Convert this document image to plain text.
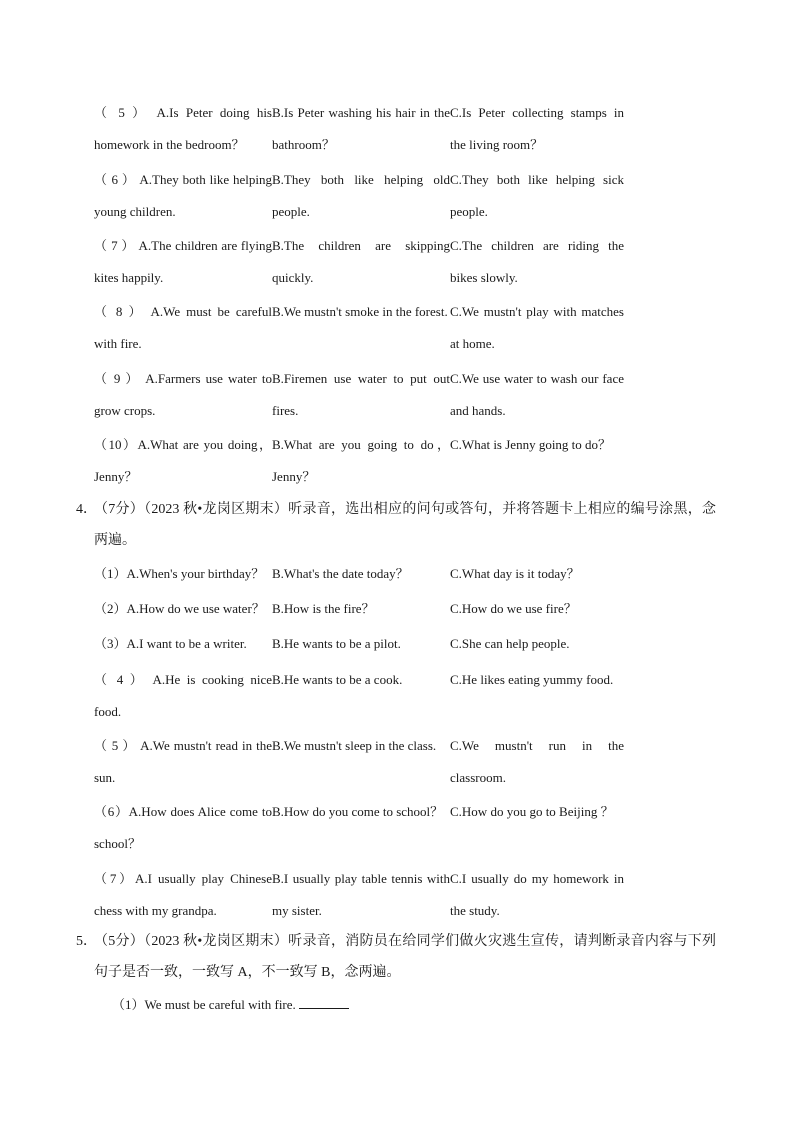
（ 5 ） A.Is Peter doing his homework in the bedroom？
B.Is Peter washing his hair in the bathroom？
C.Is Peter collecting stamps in the living room？
（ 6 ） A.They both like helping young children.
B.They both like helping old people.
C.They both like helping sick people.
（ 7 ） A.The children are flying kites happily.
B.The children are skipping quickly.
C.The children are riding the bikes slowly.
（ 8 ） A.We must be careful with fire.
B.We mustn't smoke in the forest. C.We mustn't play with matches at home.
（ 9 ） A.Farmers use water to grow crops.
B.Firemen use water to put out fires.
C.We use water to wash our face and hands.
（10）A.What are you doing，Jenny？
B.What are you going to do，Jenny？
C.What is Jenny going to do？
4．
（7分）（2023 秋•龙岗区期末）听录音，选出相应的问句或答句，并将答题卡上相应的编号涂黑，念两遍。
（1）A.When's your birthday？ B.What's the date today？	C.What day is it today？
（2）A.How do we use water？ B.How is the fire？	C.How do we use fire？
（3）A.I want to be a writer.	B.He wants to be a pilot.	C.She can help people.
（ 4 ） A.He is cooking nice food.
B.He wants to be a cook.	C.He likes eating yummy food.
（ 5 ） A.We mustn't read in the sun.
B.We mustn't sleep in the class.	C.We mustn't run in the classroom.
（6）A.How does Alice come to school？
B.How do you come to school？ C.How do you go to Beijing ？
（7）A.I usually play Chinese chess with my grandpa.
B.I usually play table tennis with my sister.
C.I usually do my homework in the study.
5．
（5分）（2023 秋•龙岗区期末）听录音，消防员在给同学们做火灾逃生宣传，请判断录音内容与下列句子是否一致，一致写 A，不一致写 B，念两遍。
（1）We must be careful with fire.
